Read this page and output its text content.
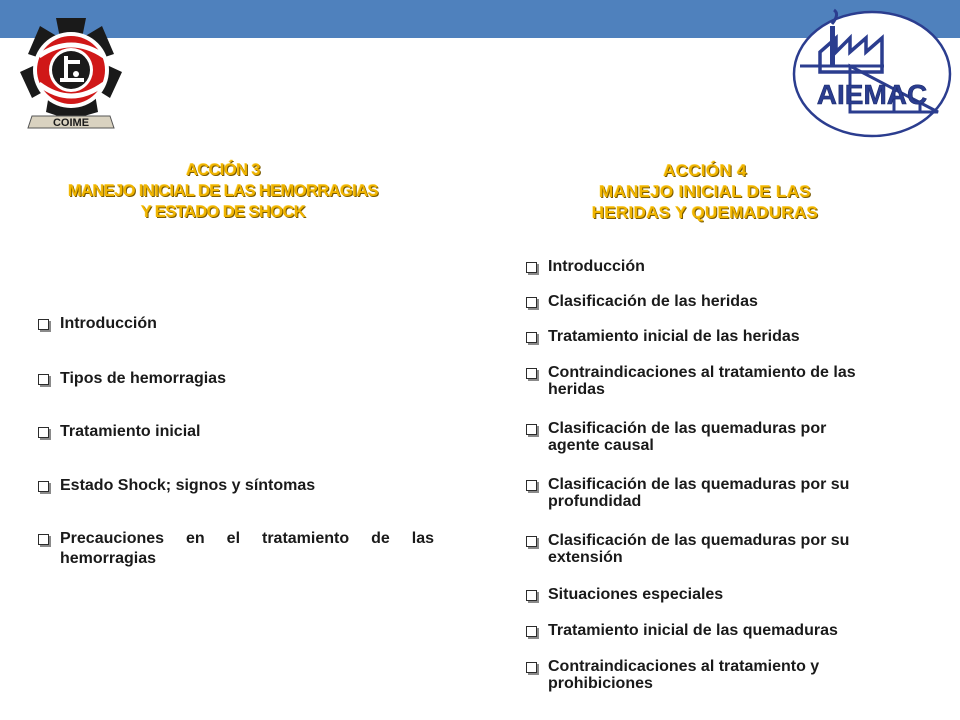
COIME
AIEMAC
ACCIÓN 3
MANEJO INICIAL DE LAS HEMORRAGIAS
Y ESTADO DE SHOCK
ACCIÓN 4
MANEJO INICIAL DE LAS
HERIDAS Y QUEMADURAS
Introducción
Tipos de hemorragias
Tratamiento inicial
Estado Shock; signos y síntomas
Precauciones en el tratamiento de las
hemorragias
Introducción
Clasificación de las heridas
Tratamiento inicial de las heridas
Contraindicaciones al tratamiento de las
heridas
Clasificación de las quemaduras por
agente causal
Clasificación de las quemaduras por su
profundidad
Clasificación de las quemaduras por su
extensión
Situaciones especiales
Tratamiento inicial de las quemaduras
Contraindicaciones al tratamiento y
prohibiciones
